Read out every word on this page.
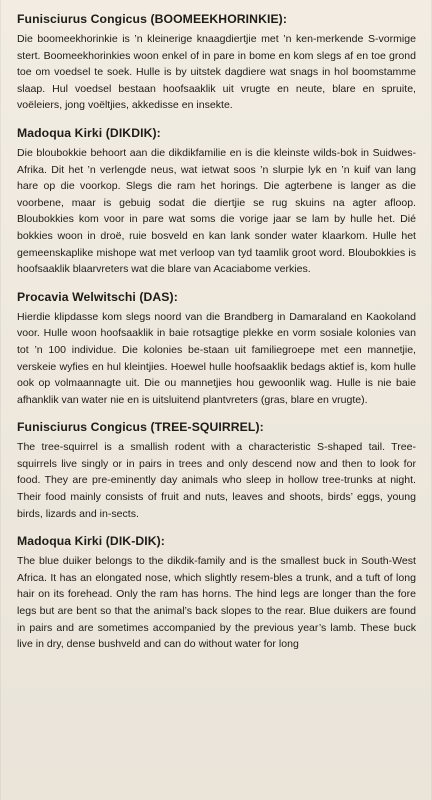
Funisciurus Congicus (BOOMEEKHORINKIE):

Die boomeekhorinkie is ’n kleinerige knaagdiertjie met ’n ken-merkende S-vormige stert. Boomeekhorinkies woon enkel of in pare in bome en kom slegs af en toe grond toe om voedsel te soek. Hulle is by uitstek dagdiere wat snags in hol boomstamme slaap. Hul voedsel bestaan hoofsaaklik uit vrugte en neute, blare en spruite, voëleiers, jong voëltjies, akkedisse en insekte.

Madoqua Kirki (DIKDIK):

Die bloubokkie behoort aan die dikdikfamilie en is die kleinste wilds-bok in Suidwes-Afrika. Dit het ’n verlengde neus, wat ietwat soos ’n slurpie lyk en ’n kuif van lang hare op die voorkop. Slegs die ram het horings. Die agterbene is langer as die voorbene, maar is gebuig sodat die diertjie se rug skuins na agter afloop. Bloubokkies kom voor in pare wat soms die vorige jaar se lam by hulle het. Dié bokkies woon in droë, ruie bosveld en kan lank sonder water klaarkom. Hulle het gemeenskaplike mishope wat met verloop van tyd taamlik groot word. Bloubokkies is hoofsaaklik blaarvreters wat die blare van Acaciabome verkies.

Procavia Welwitschi (DAS):

Hierdie klipdasse kom slegs noord van die Brandberg in Damaraland en Kaokoland voor. Hulle woon hoofsaaklik in baie rotsagtige plekke en vorm sosiale kolonies van tot ’n 100 individue. Die kolonies be-staan uit familiegroepe met een mannetjie, verskeie wyfies en hul kleintjies. Hoewel hulle hoofsaaklik bedags aktief is, kom hulle ook op volmaannagte uit. Die ou mannetjies hou gewoonlik wag. Hulle is nie baie afhanklik van water nie en is uitsluitend plantvreters (gras, blare en vrugte).

Funisciurus Congicus (TREE-SQUIRREL):

The tree-squirrel is a smallish rodent with a characteristic S-shaped tail. Tree-squirrels live singly or in pairs in trees and only descend now and then to look for food. They are pre-eminently day animals who sleep in hollow tree-trunks at night. Their food mainly consists of fruit and nuts, leaves and shoots, birds’ eggs, young birds, lizards and in-sects.

Madoqua Kirki (DIK-DIK):

The blue duiker belongs to the dikdik-family and is the smallest buck in South-West Africa. It has an elongated nose, which slightly resem-bles a trunk, and a tuft of long hair on its forehead. Only the ram has horns. The hind legs are longer than the fore legs but are bent so that the animal’s back slopes to the rear. Blue duikers are found in pairs and are sometimes accompanied by the previous year’s lamb. These buck live in dry, dense bushveld and can do without water for long
